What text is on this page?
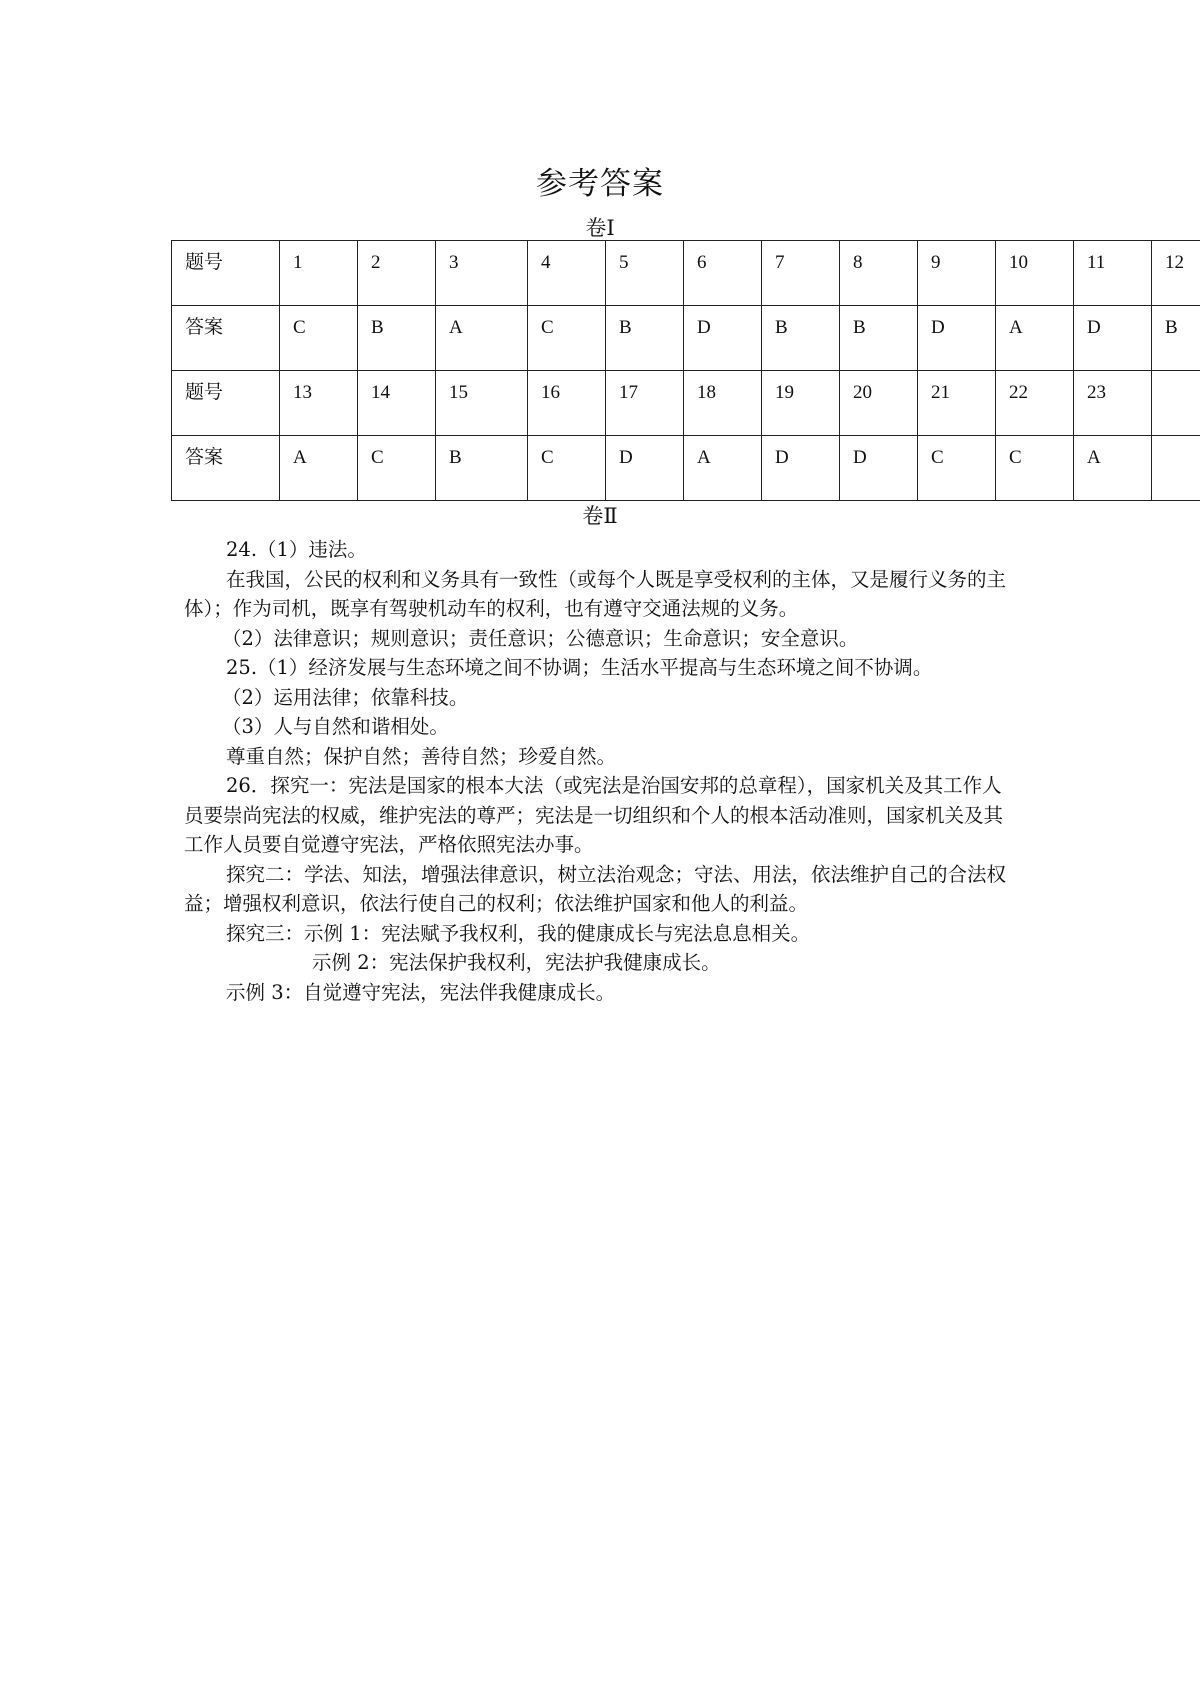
参考答案
卷Ⅰ
题号	1	2	3	4	5	6	7	8	9	10	11	12
答案	C	B	A	C	B	D	B	B	D	A	D	B
题号	13	14	15	16	17	18	19	20	21	22	23	
答案	A	C	B	C	D	A	D	D	C	C	A	
卷Ⅱ

24.（1）违法。

在我国，公民的权利和义务具有一致性（或每个人既是享受权利的主体，又是履行义务的主体）；作为司机，既享有驾驶机动车的权利，也有遵守交通法规的义务。

（2）法律意识；规则意识；责任意识；公德意识；生命意识；安全意识。

25.（1）经济发展与生态环境之间不协调；生活水平提高与生态环境之间不协调。

（2）运用法律；依靠科技。

（3）人与自然和谐相处。

尊重自然；保护自然；善待自然；珍爱自然。

26．探究一：宪法是国家的根本大法（或宪法是治国安邦的总章程），国家机关及其工作人员要崇尚宪法的权威，维护宪法的尊严；宪法是一切组织和个人的根本活动准则，国家机关及其工作人员要自觉遵守宪法，严格依照宪法办事。

探究二：学法、知法，增强法律意识，树立法治观念；守法、用法，依法维护自己的合法权益；增强权利意识，依法行使自己的权利；依法维护国家和他人的利益。

探究三：示例 1：宪法赋予我权利，我的健康成长与宪法息息相关。

示例 2：宪法保护我权利，宪法护我健康成长。

示例 3：自觉遵守宪法，宪法伴我健康成长。
